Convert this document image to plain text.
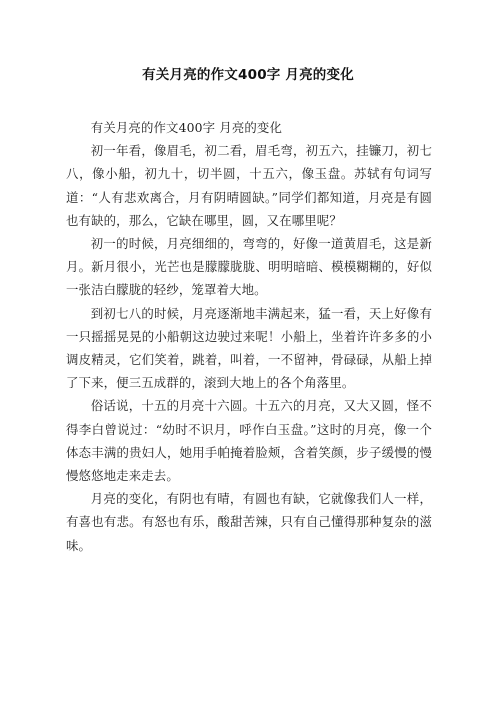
有关月亮的作文400字 月亮的变化

有关月亮的作文400字 月亮的变化

初一年看，像眉毛，初二看，眉毛弯，初五六，挂镰刀，初七八，像小船，初九十，切半圆，十五六，像玉盘。苏轼有句词写道：“人有悲欢离合，月有阴晴圆缺。”同学们都知道，月亮是有圆也有缺的，那么，它缺在哪里，圆，又在哪里呢？

初一的时候，月亮细细的，弯弯的，好像一道黄眉毛，这是新月。新月很小，光芒也是朦朦胧胧、明明暗暗、模模糊糊的，好似一张洁白朦胧的轻纱，笼罩着大地。

到初七八的时候，月亮逐渐地丰满起来，猛一看，天上好像有一只摇摇晃晃的小船朝这边驶过来呢！小船上，坐着许许多多的小调皮精灵，它们笑着，跳着，叫着，一不留神，骨碌碌，从船上掉了下来，便三五成群的，滚到大地上的各个角落里。

俗话说，十五的月亮十六圆。十五六的月亮，又大又圆，怪不得李白曾说过：“幼时不识月，呼作白玉盘。”这时的月亮，像一个体态丰满的贵妇人，她用手帕掩着脸颊，含着笑颜，步子缓慢的慢慢悠悠地走来走去。

月亮的变化，有阴也有晴，有圆也有缺，它就像我们人一样，有喜也有悲。有怒也有乐，酸甜苦辣，只有自己懂得那种复杂的滋味。
